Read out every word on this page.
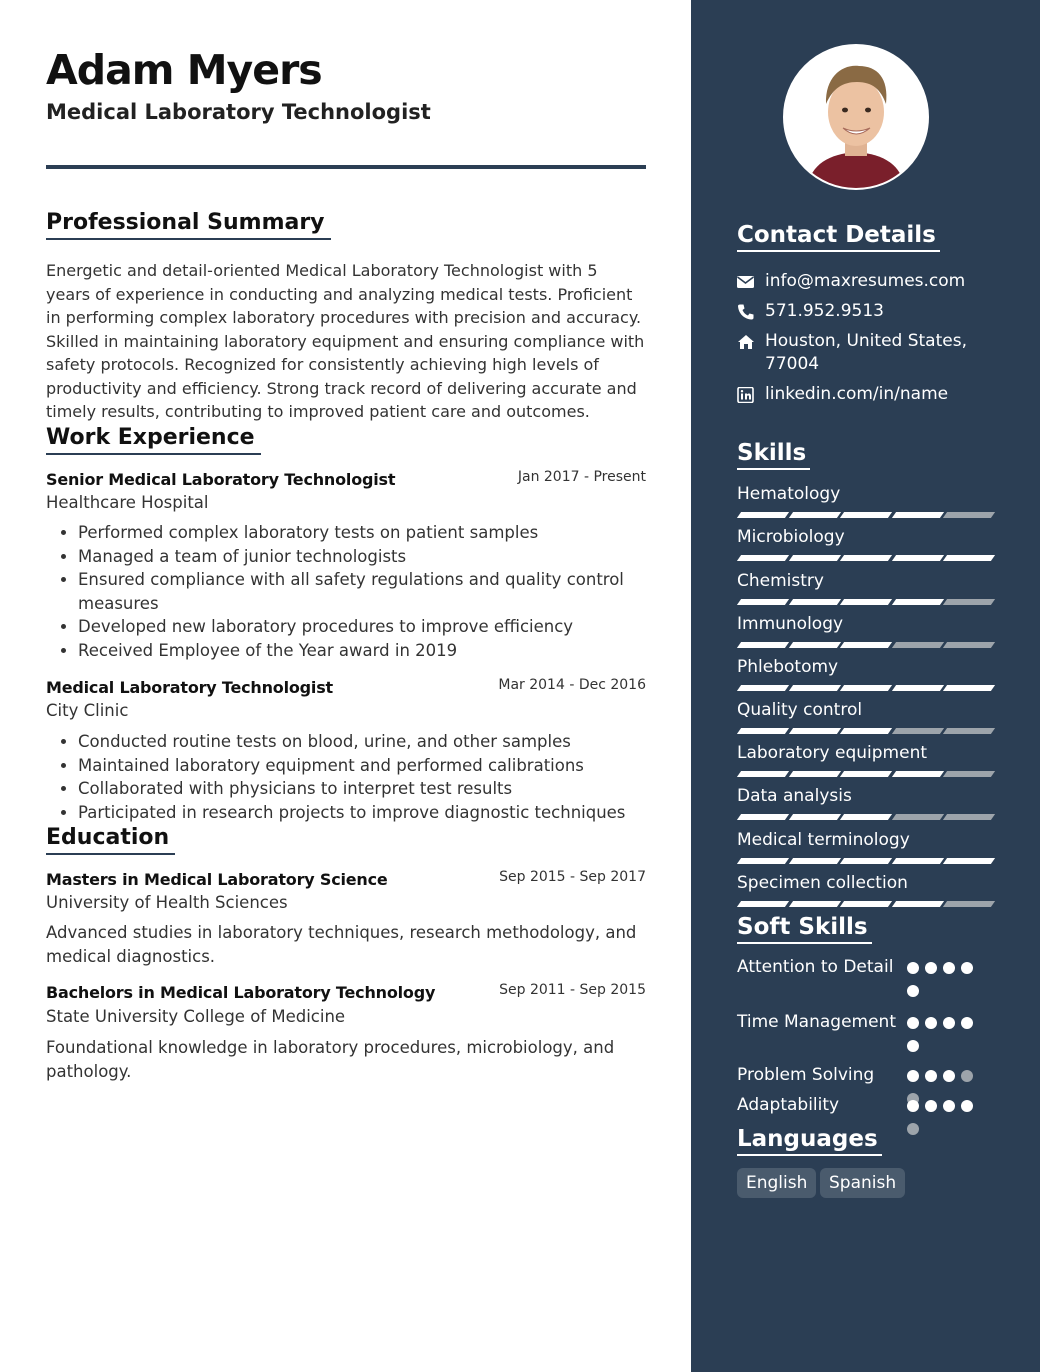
Adam Myers
Medical Laboratory Technologist
Professional Summary

Energetic and detail-oriented Medical Laboratory Technologist with 5 years of experience in conducting and analyzing medical tests. Proficient in performing complex laboratory procedures with precision and accuracy. Skilled in maintaining laboratory equipment and ensuring compliance with safety protocols. Recognized for consistently achieving high levels of productivity and efficiency. Strong track record of delivering accurate and timely results, contributing to improved patient care and outcomes.

Work Experience
Senior Medical Laboratory Technologist	Jan 2017 - Present
Healthcare Hospital
• Performed complex laboratory tests on patient samples
• Managed a team of junior technologists
• Ensured compliance with all safety regulations and quality control measures
• Developed new laboratory procedures to improve efficiency
• Received Employee of the Year award in 2019
Medical Laboratory Technologist	Mar 2014 - Dec 2016
City Clinic
• Conducted routine tests on blood, urine, and other samples
• Maintained laboratory equipment and performed calibrations
• Collaborated with physicians to interpret test results
• Participated in research projects to improve diagnostic techniques
Education
Masters in Medical Laboratory Science	Sep 2015 - Sep 2017
University of Health Sciences

Advanced studies in laboratory techniques, research methodology, and medical diagnostics.

Bachelors in Medical Laboratory Technology	Sep 2011 - Sep 2015
State University College of Medicine

Foundational knowledge in laboratory procedures, microbiology, and pathology.

Contact Details
info@maxresumes.com
571.952.9513
Houston, United States, 77004
linkedin.com/in/name
Skills
Hematology
Microbiology
Chemistry
Immunology
Phlebotomy
Quality control
Laboratory equipment
Data analysis
Medical terminology
Specimen collection
Soft Skills
Attention to Detail
Time Management
Problem Solving
Adaptability
Languages
English	Spanish
